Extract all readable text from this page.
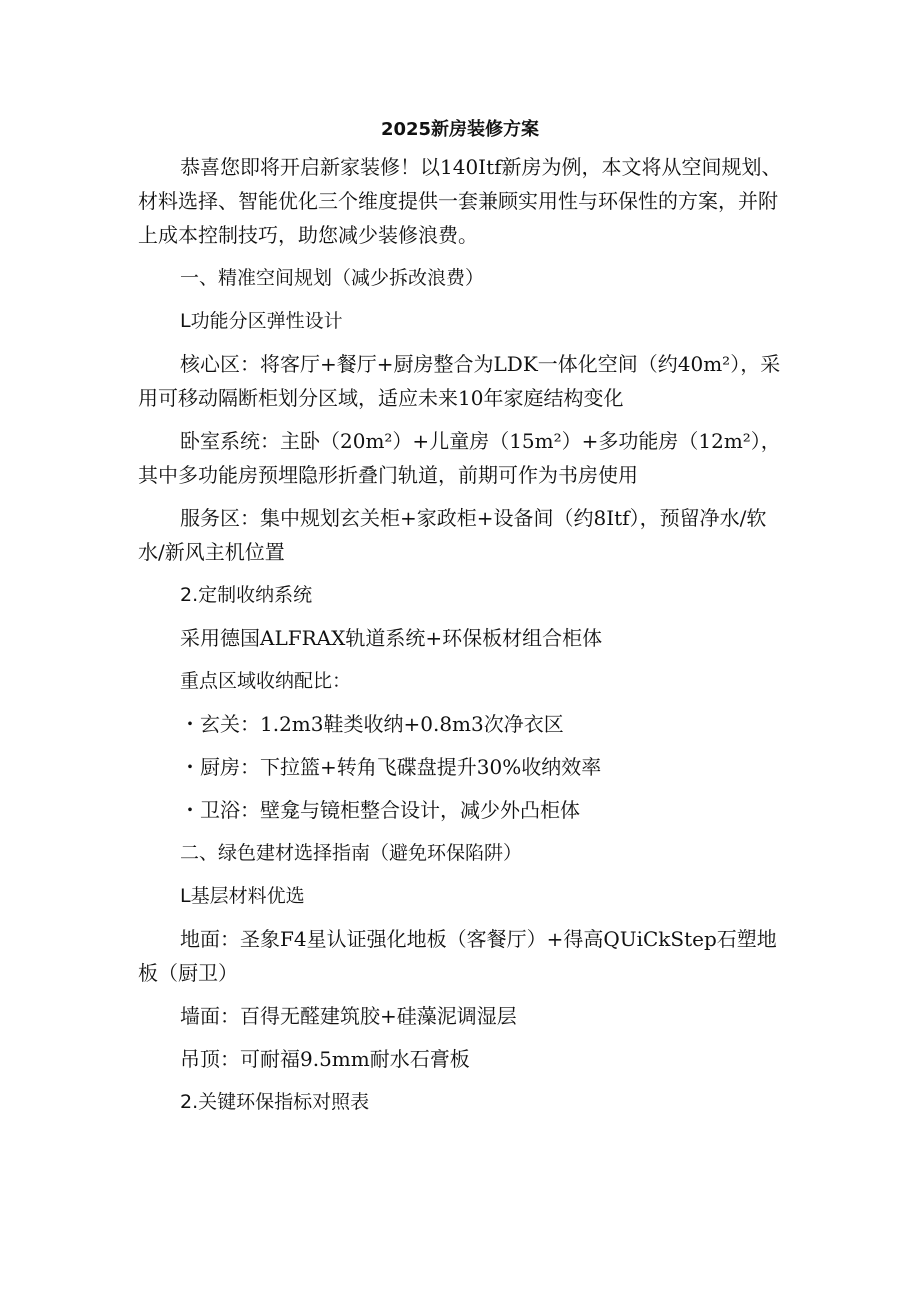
2025新房装修方案

恭喜您即将开启新家装修！以140Itf新房为例，本文将从空间规划、材料选择、智能优化三个维度提供一套兼顾实用性与环保性的方案，并附上成本控制技巧，助您减少装修浪费。

一、精准空间规划（减少拆改浪费）

L功能分区弹性设计

核心区：将客厅+餐厅+厨房整合为LDK一体化空间（约40m²），采用可移动隔断柜划分区域，适应未来10年家庭结构变化

卧室系统：主卧（20m²）+儿童房（15m²）+多功能房（12m²），其中多功能房预埋隐形折叠门轨道，前期可作为书房使用

服务区：集中规划玄关柜+家政柜+设备间（约8Itf），预留净水/软水/新风主机位置

2.定制收纳系统

采用德国ALFRAX轨道系统+环保板材组合柜体

重点区域收纳配比：

・玄关：1.2m3鞋类收纳+0.8m3次净衣区

・厨房：下拉篮+转角飞碟盘提升30%收纳效率

・卫浴：壁龛与镜柜整合设计，减少外凸柜体

二、绿色建材选择指南（避免环保陷阱）

L基层材料优选

地面：圣象F4星认证强化地板（客餐厅）+得高QUiCkStep石塑地板（厨卫）

墙面：百得无醛建筑胶+硅藻泥调湿层

吊顶：可耐福9.5mm耐水石膏板

2.关键环保指标对照表
